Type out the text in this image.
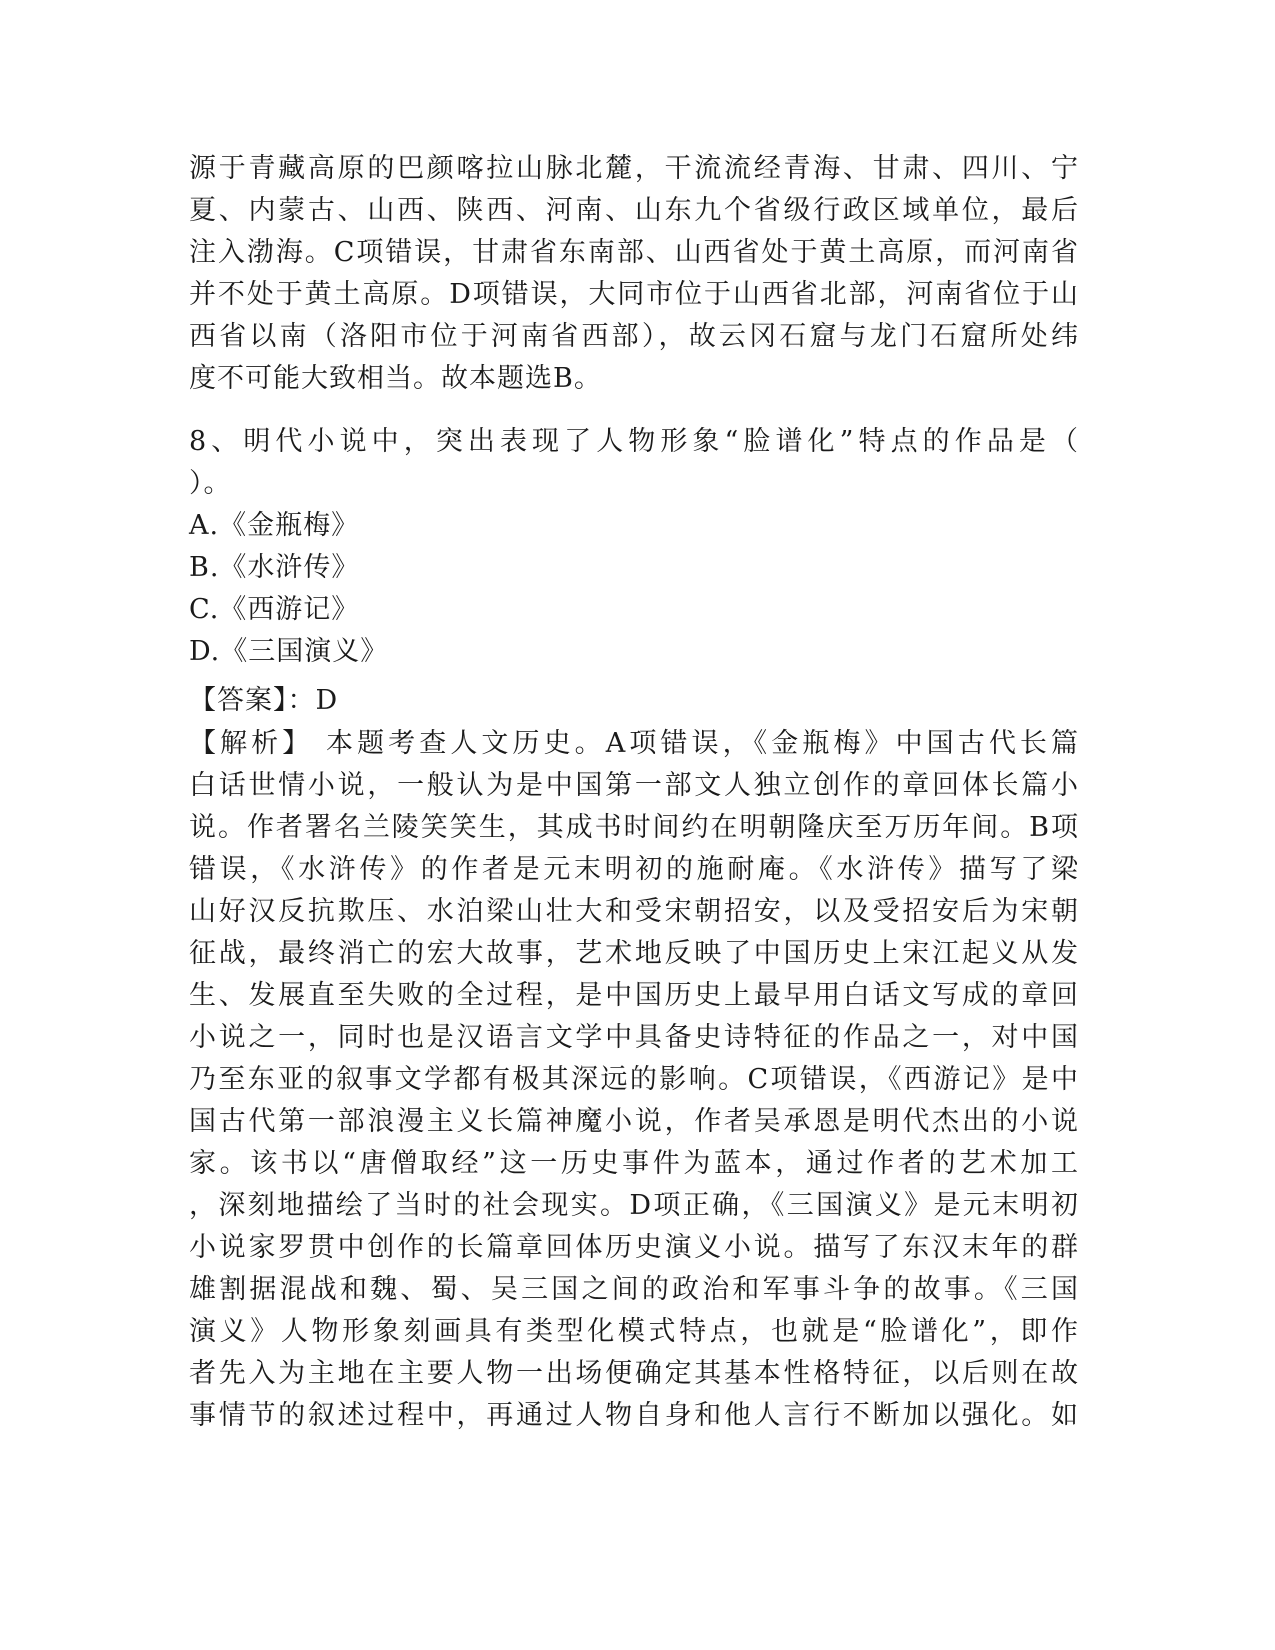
源于青藏高原的巴颜喀拉山脉北麓，干流流经青海、甘肃、四川、宁
夏、内蒙古、山西、陕西、河南、山东九个省级行政区域单位，最后
注入渤海。C项错误，甘肃省东南部、山西省处于黄土高原，而河南省
并不处于黄土高原。D项错误，大同市位于山西省北部，河南省位于山
西省以南（洛阳市位于河南省西部），故云冈石窟与龙门石窟所处纬
度不可能大致相当。故本题选B。
8、明代小说中，突出表现了人物形象“脸谱化”特点的作品是（
）。
A.《金瓶梅》
B.《水浒传》
C.《西游记》
D.《三国演义》
【答案】：D
【解析】 本题考查人文历史。A项错误，《金瓶梅》中国古代长篇
白话世情小说，一般认为是中国第一部文人独立创作的章回体长篇小
说。作者署名兰陵笑笑生，其成书时间约在明朝隆庆至万历年间。B项
错误，《水浒传》的作者是元末明初的施耐庵。《水浒传》描写了梁
山好汉反抗欺压、水泊梁山壮大和受宋朝招安，以及受招安后为宋朝
征战，最终消亡的宏大故事，艺术地反映了中国历史上宋江起义从发
生、发展直至失败的全过程，是中国历史上最早用白话文写成的章回
小说之一，同时也是汉语言文学中具备史诗特征的作品之一，对中国
乃至东亚的叙事文学都有极其深远的影响。C项错误，《西游记》是中
国古代第一部浪漫主义长篇神魔小说，作者吴承恩是明代杰出的小说
家。该书以“唐僧取经”这一历史事件为蓝本，通过作者的艺术加工
，深刻地描绘了当时的社会现实。D项正确，《三国演义》是元末明初
小说家罗贯中创作的长篇章回体历史演义小说。描写了东汉末年的群
雄割据混战和魏、蜀、吴三国之间的政治和军事斗争的故事。《三国
演义》人物形象刻画具有类型化模式特点，也就是“脸谱化”，即作
者先入为主地在主要人物一出场便确定其基本性格特征，以后则在故
事情节的叙述过程中，再通过人物自身和他人言行不断加以强化。如
